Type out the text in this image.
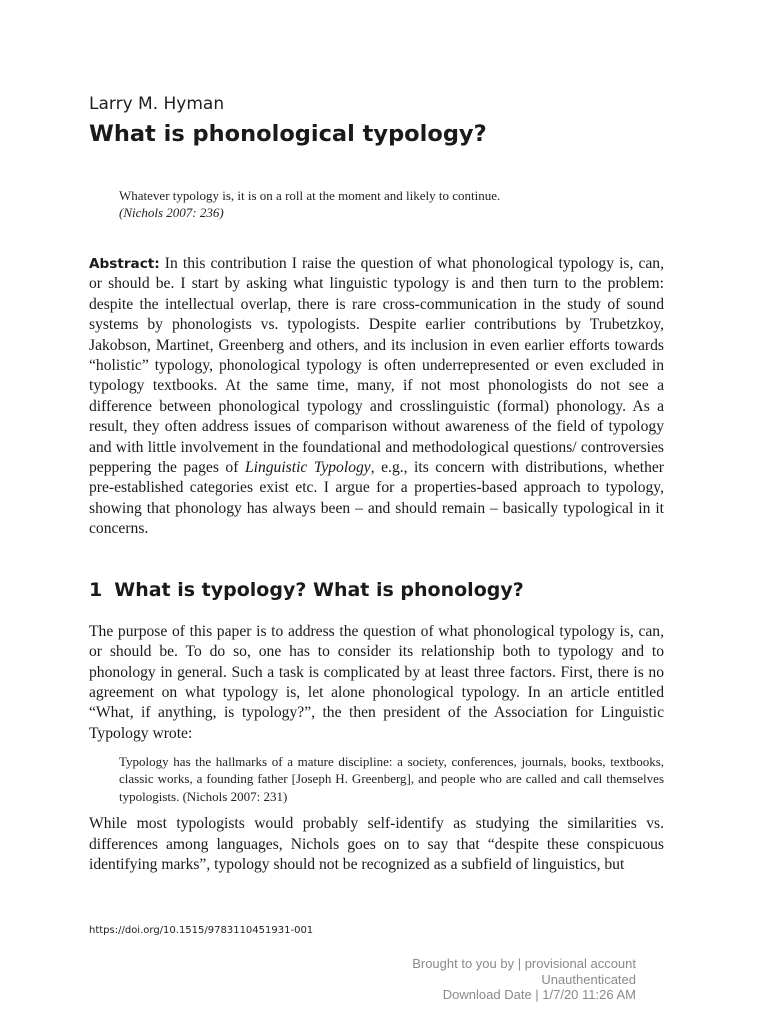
Larry M. Hyman

What is phonological typology?
Whatever typology is, it is on a roll at the moment and likely to continue.
(Nichols 2007: 236)

Abstract: In this contribution I raise the question of what phonological typology is, can, or should be. I start by asking what linguistic typology is and then turn to the problem: despite the intellectual overlap, there is rare cross-communication in the study of sound systems by phonologists vs. typologists. Despite earlier contributions by Trubetzkoy, Jakobson, Martinet, Greenberg and others, and its inclusion in even earlier efforts towards “holistic” typology, phonological typology is often underrepresented or even excluded in typology textbooks. At the same time, many, if not most phonologists do not see a difference between phonological typology and crosslinguistic (formal) phonology. As a result, they often address issues of comparison without awareness of the field of typology and with little involvement in the foundational and methodological questions/ controversies peppering the pages of Linguistic Typology, e.g., its concern with distributions, whether pre-established categories exist etc. I argue for a properties-based approach to typology, showing that phonology has always been – and should remain – basically typological in it concerns.

1 What is typology? What is phonology?

The purpose of this paper is to address the question of what phonological typology is, can, or should be. To do so, one has to consider its relationship both to typology and to phonology in general. Such a task is complicated by at least three factors. First, there is no agreement on what typology is, let alone phonological typology. In an article entitled “What, if anything, is typology?”, the then president of the Association for Linguistic Typology wrote:

Typology has the hallmarks of a mature discipline: a society, conferences, journals, books, textbooks, classic works, a founding father [Joseph H. Greenberg], and people who are called and call themselves typologists. (Nichols 2007: 231)

While most typologists would probably self-identify as studying the similarities vs. differences among languages, Nichols goes on to say that “despite these conspicuous identifying marks”, typology should not be recognized as a subfield of linguistics, but

https://doi.org/10.1515/9783110451931-001
Brought to you by | provisional account
Unauthenticated
Download Date | 1/7/20 11:26 AM
